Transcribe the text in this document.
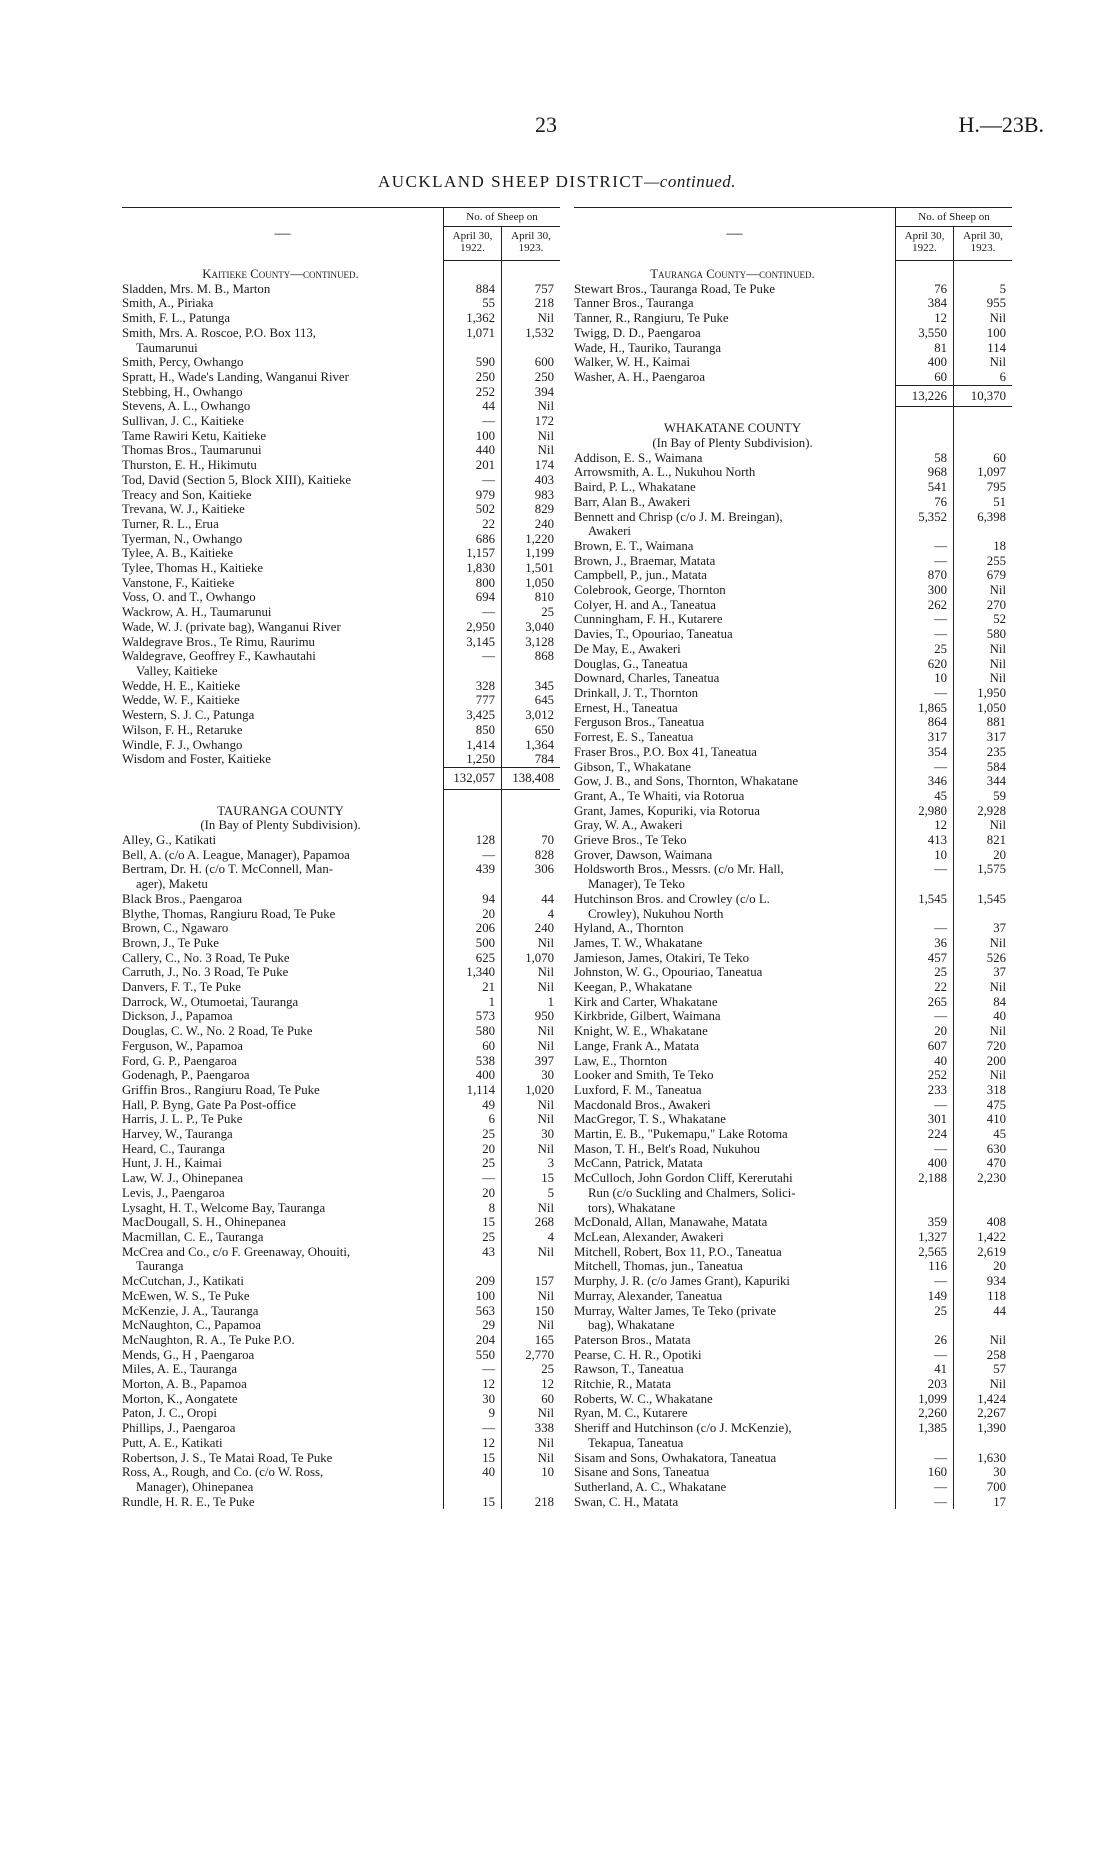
23	H.—23B.
AUCKLAND SHEEP DISTRICT—continued.
—	No. of Sheep on	
	April 30, 1922.	April 30, 1923.

Kaitieke County—continued.		
Sladden, Mrs. M. B., Marton	884	757
Smith, A., Piriaka	55	218
Smith, F. L., Patunga	1,362	Nil
Smith, Mrs. A. Roscoe, P.O. Box 113,	1,071	1,532
Taumarunui		
Smith, Percy, Owhango	590	600
Spratt, H., Wade's Landing, Wanganui River	250	250
Stebbing, H., Owhango	252	394
Stevens, A. L., Owhango	44	Nil
Sullivan, J. C., Kaitieke	—	172
Tame Rawiri Ketu, Kaitieke	100	Nil
Thomas Bros., Taumarunui	440	Nil
Thurston, E. H., Hikimutu	201	174
Tod, David (Section 5, Block XIII), Kaitieke	—	403
Treacy and Son, Kaitieke	979	983
Trevana, W. J., Kaitieke	502	829
Turner, R. L., Erua	22	240
Tyerman, N., Owhango	686	1,220
Tylee, A. B., Kaitieke	1,157	1,199
Tylee, Thomas H., Kaitieke	1,830	1,501
Vanstone, F., Kaitieke	800	1,050
Voss, O. and T., Owhango	694	810
Wackrow, A. H., Taumarunui	—	25
Wade, W. J. (private bag), Wanganui River	2,950	3,040
Waldegrave Bros., Te Rimu, Raurimu	3,145	3,128
Waldegrave, Geoffrey F., Kawhautahi	—	868
Valley, Kaitieke		
Wedde, H. E., Kaitieke	328	345
Wedde, W. F., Kaitieke	777	645
Western, S. J. C., Patunga	3,425	3,012
Wilson, F. H., Retaruke	850	650
Windle, F. J., Owhango	1,414	1,364
Wisdom and Foster, Kaitieke	1,250	784
	132,057	138,408

TAURANGA COUNTY		
(In Bay of Plenty Subdivision).		
Alley, G., Katikati	128	70
Bell, A. (c/o A. League, Manager), Papamoa	—	828
Bertram, Dr. H. (c/o T. McConnell, Man-	439	306
ager), Maketu		
Black Bros., Paengaroa	94	44
Blythe, Thomas, Rangiuru Road, Te Puke	20	4
Brown, C., Ngawaro	206	240
Brown, J., Te Puke	500	Nil
Callery, C., No. 3 Road, Te Puke	625	1,070
Carruth, J., No. 3 Road, Te Puke	1,340	Nil
Danvers, F. T., Te Puke	21	Nil
Darrock, W., Otumoetai, Tauranga	1	1
Dickson, J., Papamoa	573	950
Douglas, C. W., No. 2 Road, Te Puke	580	Nil
Ferguson, W., Papamoa	60	Nil
Ford, G. P., Paengaroa	538	397
Godenagh, P., Paengaroa	400	30
Griffin Bros., Rangiuru Road, Te Puke	1,114	1,020
Hall, P. Byng, Gate Pa Post-office	49	Nil
Harris, J. L. P., Te Puke	6	Nil
Harvey, W., Tauranga	25	30
Heard, C., Tauranga	20	Nil
Hunt, J. H., Kaimai	25	3
Law, W. J., Ohinepanea	—	15
Levis, J., Paengaroa	20	5
Lysaght, H. T., Welcome Bay, Tauranga	8	Nil
MacDougall, S. H., Ohinepanea	15	268
Macmillan, C. E., Tauranga	25	4
McCrea and Co., c/o F. Greenaway, Ohouiti,	43	Nil
Tauranga		
McCutchan, J., Katikati	209	157
McEwen, W. S., Te Puke	100	Nil
McKenzie, J. A., Tauranga	563	150
McNaughton, C., Papamoa	29	Nil
McNaughton, R. A., Te Puke P.O.	204	165
Mends, G., H , Paengaroa	550	2,770
Miles, A. E., Tauranga	—	25
Morton, A. B., Papamoa	12	12
Morton, K., Aongatete	30	60
Paton, J. C., Oropi	9	Nil
Phillips, J., Paengaroa	—	338
Putt, A. E., Katikati	12	Nil
Robertson, J. S., Te Matai Road, Te Puke	15	Nil
Ross, A., Rough, and Co. (c/o W. Ross,	40	10
Manager), Ohinepanea		
Rundle, H. R. E., Te Puke	15	218
—	No. of Sheep on	
	April 30, 1922.	April 30, 1923.

Tauranga County—continued.		
Stewart Bros., Tauranga Road, Te Puke	76	5
Tanner Bros., Tauranga	384	955
Tanner, R., Rangiuru, Te Puke	12	Nil
Twigg, D. D., Paengaroa	3,550	100
Wade, H., Tauriko, Tauranga	81	114
Walker, W. H., Kaimai	400	Nil
Washer, A. H., Paengaroa	60	6
	13,226	10,370

WHAKATANE COUNTY		
(In Bay of Plenty Subdivision).		
Addison, E. S., Waimana	58	60
Arrowsmith, A. L., Nukuhou North	968	1,097
Baird, P. L., Whakatane	541	795
Barr, Alan B., Awakeri	76	51
Bennett and Chrisp (c/o J. M. Breingan),	5,352	6,398
Awakeri		
Brown, E. T., Waimana	—	18
Brown, J., Braemar, Matata	—	255
Campbell, P., jun., Matata	870	679
Colebrook, George, Thornton	300	Nil
Colyer, H. and A., Taneatua	262	270
Cunningham, F. H., Kutarere	—	52
Davies, T., Opouriao, Taneatua	—	580
De May, E., Awakeri	25	Nil
Douglas, G., Taneatua	620	Nil
Downard, Charles, Taneatua	10	Nil
Drinkall, J. T., Thornton	—	1,950
Ernest, H., Taneatua	1,865	1,050
Ferguson Bros., Taneatua	864	881
Forrest, E. S., Taneatua	317	317
Fraser Bros., P.O. Box 41, Taneatua	354	235
Gibson, T., Whakatane	—	584
Gow, J. B., and Sons, Thornton, Whakatane	346	344
Grant, A., Te Whaiti, via Rotorua	45	59
Grant, James, Kopuriki, via Rotorua	2,980	2,928
Gray, W. A., Awakeri	12	Nil
Grieve Bros., Te Teko	413	821
Grover, Dawson, Waimana	10	20
Holdsworth Bros., Messrs. (c/o Mr. Hall,	—	1,575
Manager), Te Teko		
Hutchinson Bros. and Crowley (c/o L.	1,545	1,545
Crowley), Nukuhou North		
Hyland, A., Thornton	—	37
James, T. W., Whakatane	36	Nil
Jamieson, James, Otakiri, Te Teko	457	526
Johnston, W. G., Opouriao, Taneatua	25	37
Keegan, P., Whakatane	22	Nil
Kirk and Carter, Whakatane	265	84
Kirkbride, Gilbert, Waimana	—	40
Knight, W. E., Whakatane	20	Nil
Lange, Frank A., Matata	607	720
Law, E., Thornton	40	200
Looker and Smith, Te Teko	252	Nil
Luxford, F. M., Taneatua	233	318
Macdonald Bros., Awakeri	—	475
MacGregor, T. S., Whakatane	301	410
Martin, E. B., "Pukemapu," Lake Rotoma	224	45
Mason, T. H., Belt's Road, Nukuhou	—	630
McCann, Patrick, Matata	400	470
McCulloch, John Gordon Cliff, Kererutahi	2,188	2,230
Run (c/o Suckling and Chalmers, Solici-		
tors), Whakatane		
McDonald, Allan, Manawahe, Matata	359	408
McLean, Alexander, Awakeri	1,327	1,422
Mitchell, Robert, Box 11, P.O., Taneatua	2,565	2,619
Mitchell, Thomas, jun., Taneatua	116	20
Murphy, J. R. (c/o James Grant), Kapuriki	—	934
Murray, Alexander, Taneatua	149	118
Murray, Walter James, Te Teko (private	25	44
bag), Whakatane		
Paterson Bros., Matata	26	Nil
Pearse, C. H. R., Opotiki	—	258
Rawson, T., Taneatua	41	57
Ritchie, R., Matata	203	Nil
Roberts, W. C., Whakatane	1,099	1,424
Ryan, M. C., Kutarere	2,260	2,267
Sheriff and Hutchinson (c/o J. McKenzie),	1,385	1,390
Tekapua, Taneatua		
Sisam and Sons, Owhakatora, Taneatua	—	1,630
Sisane and Sons, Taneatua	160	30
Sutherland, A. C., Whakatane	—	700
Swan, C. H., Matata	—	17
